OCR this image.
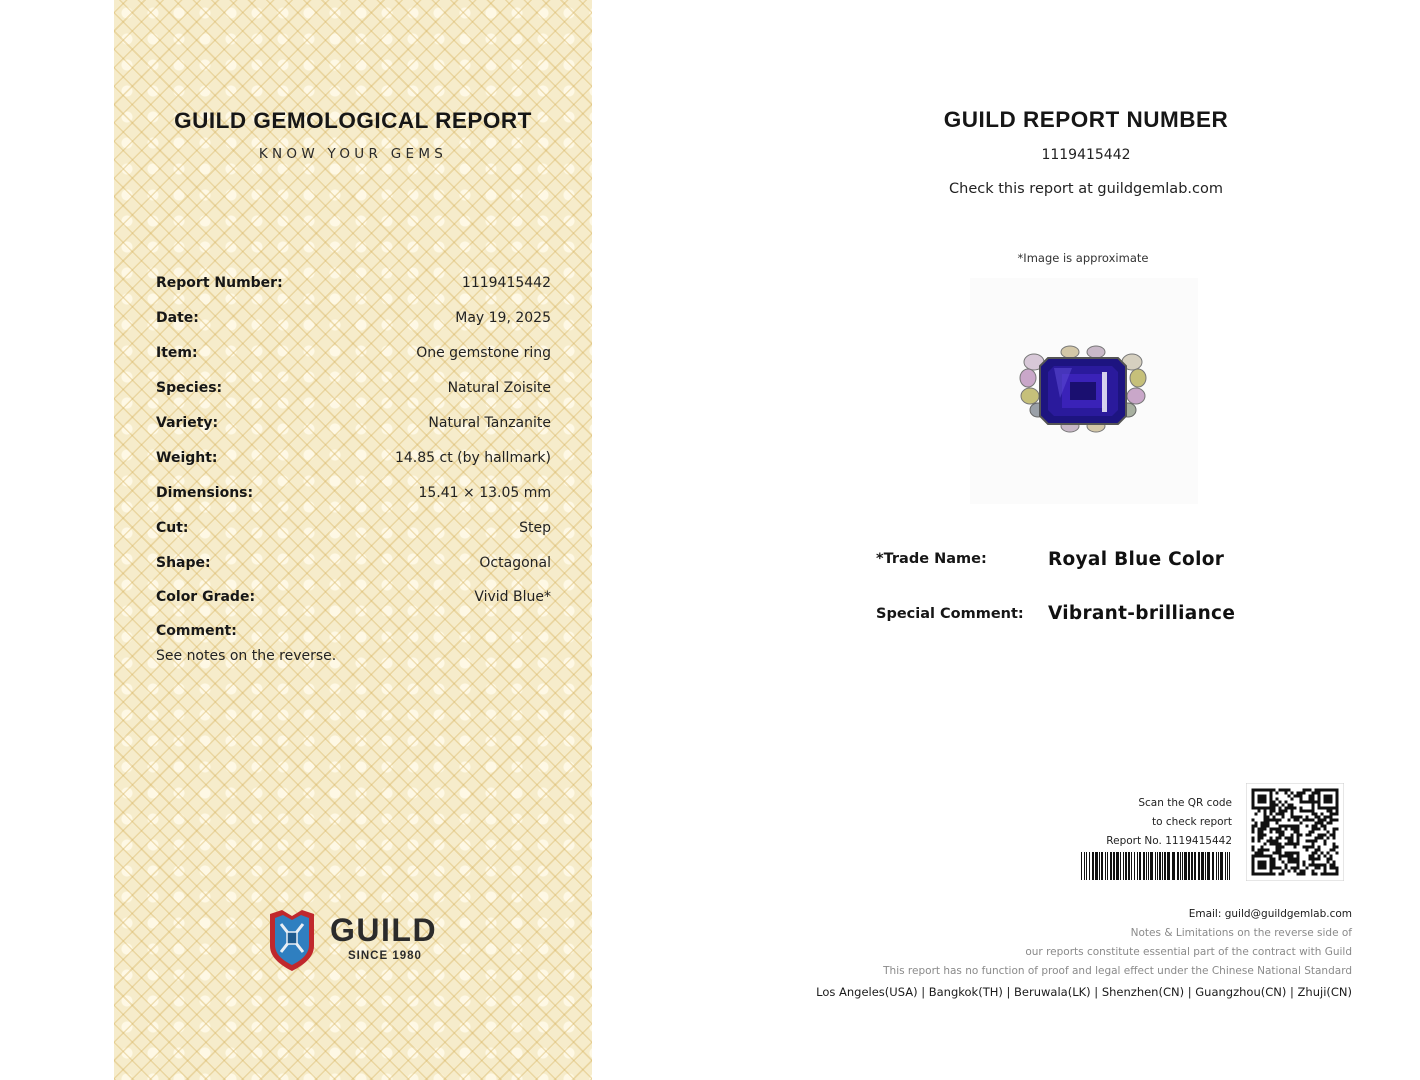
GUILD GEMOLOGICAL REPORT
KNOW YOUR GEMS
Report Number:	1119415442
Date:	May 19, 2025
Item:	One gemstone ring
Species:	Natural Zoisite
Variety:	Natural Tanzanite
Weight:	14.85 ct (by hallmark)
Dimensions:	15.41 × 13.05 mm
Cut:	Step
Shape:	Octagonal
Color Grade:	Vivid Blue*
Comment:
See notes on the reverse.
GUILD
SINCE 1980
GUILD REPORT NUMBER
1119415442
Check this report at guildgemlab.com
*Image is approximate
*Trade Name:	Royal Blue Color
Special Comment: Vibrant-brilliance
Scan the QR code
to check report
Report No. 1119415442
Email: guild@guildgemlab.com
Notes & Limitations on the reverse side of
our reports constitute essential part of the contract with Guild
This report has no function of proof and legal effect under the Chinese National Standard
Los Angeles(USA) | Bangkok(TH) | Beruwala(LK) | Shenzhen(CN) | Guangzhou(CN) | Zhuji(CN)
